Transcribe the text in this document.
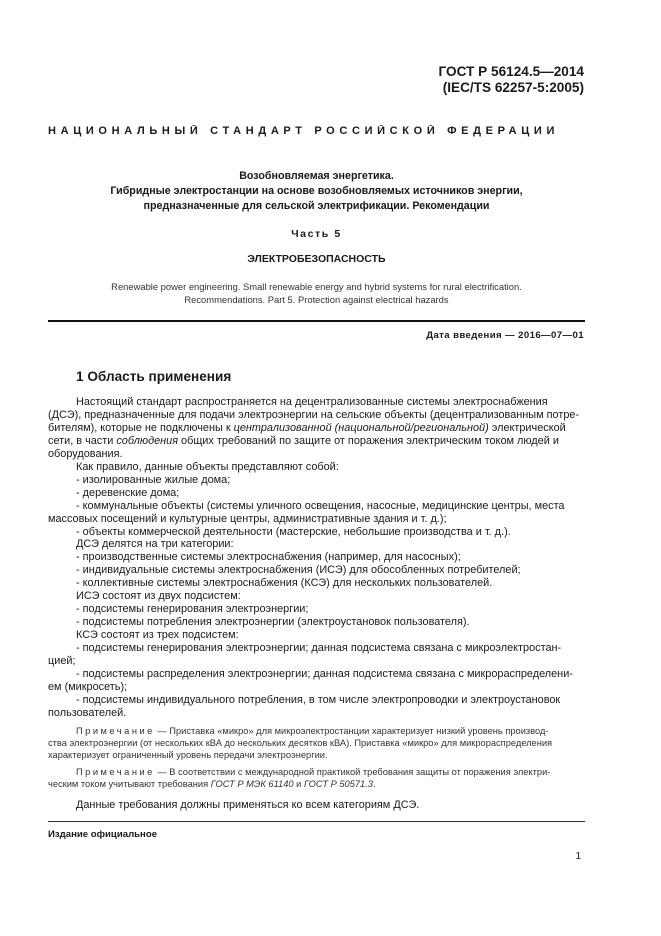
ГОСТ Р 56124.5—2014
(IEC/TS 62257-5:2005)
НАЦИОНАЛЬНЫЙ СТАНДАРТ РОССИЙСКОЙ ФЕДЕРАЦИИ
Возобновляемая энергетика.
Гибридные электростанции на основе возобновляемых источников энергии,
предназначенные для сельской электрификации. Рекомендации
Часть 5
ЭЛЕКТРОБЕЗОПАСНОСТЬ
Renewable power engineering. Small renewable energy and hybrid systems for rural electrification.
Recommendations. Part 5. Protection against electrical hazards
Дата введения — 2016—07—01
1 Область применения

Настоящий стандарт распространяется на децентрализованные системы электроснабжения

(ДСЭ), предназначенные для подачи электроэнергии на сельские объекты (децентрализованным потре-

бителям), которые не подключены к централизованной (национальной/региональной) электрической

сети, в части соблюдения общих требований по защите от поражения электрическим током людей и

оборудования.

Как правило, данные объекты представляют собой:

- изолированные жилые дома;

- деревенские дома;

- коммунальные объекты (системы уличного освещения, насосные, медицинские центры, места

массовых посещений и культурные центры, административные здания и т. д.);

- объекты коммерческой деятельности (мастерские, небольшие производства и т. д.).

ДСЭ делятся на три категории:

- производственные системы электроснабжения (например, для насосных);

- индивидуальные системы электроснабжения (ИСЭ) для обособленных потребителей;

- коллективные системы электроснабжения (КСЭ) для нескольких пользователей.

ИСЭ состоят из двух подсистем:

- подсистемы генерирования электроэнергии;

- подсистемы потребления электроэнергии (электроустановок пользователя).

КСЭ состоят из трех подсистем:

- подсистемы генерирования электроэнергии; данная подсистема связана с микроэлектростан-

цией;

- подсистемы распределения электроэнергии; данная подсистема связана с микрораспределени-

ем (микросеть);

- подсистемы индивидуального потребления, в том числе электропроводки и электроустановок

пользователей.

Примечание — Приставка «микро» для микроэлектростанции характеризует низкий уровень производ-

ства электроэнергии (от нескольких кВА до нескольких десятков кВА). Приставка «микро» для микрораспределения

характеризует ограниченный уровень передачи электроэнергии.

Примечание — В соответствии с международной практикой требования защиты от поражения электри-

ческим током учитывают требования ГОСТ Р МЭК 61140 и ГОСТ Р 50571.3.

Данные требования должны применяться ко всем категориям ДСЭ.

Издание официальное
1
